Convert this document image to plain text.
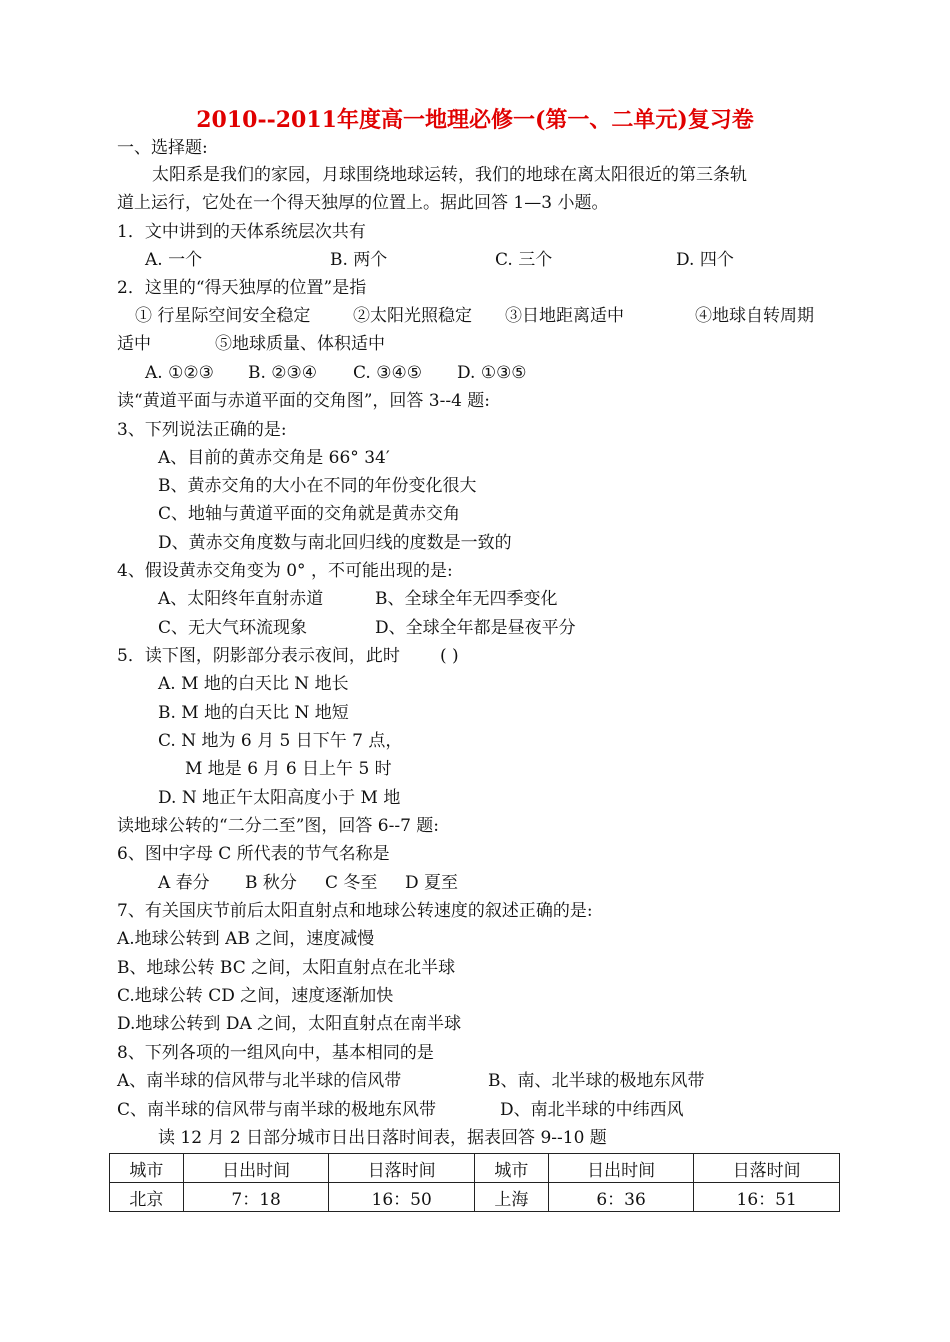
2010--2011年度高一地理必修一(第一、二单元)复习卷
一、选择题:
太阳系是我们的家园，月球围绕地球运转，我们的地球在离太阳很近的第三条轨
道上运行，它处在一个得天独厚的位置上。据此回答 1—3 小题。
1．文中讲到的天体系统层次共有
A. 一个	B. 两个	C. 三个	D. 四个
2．这里的“得天独厚的位置”是指
① 行星际空间安全稳定	②太阳光照稳定 ③日地距离适中	④地球自转周期
适中	⑤地球质量、体积适中
A. ①②③ B. ②③④ C. ③④⑤ D. ①③⑤
读“黄道平面与赤道平面的交角图”，回答 3--4 题:
3、下列说法正确的是:
A、目前的黄赤交角是 66° 34′
B、黄赤交角的大小在不同的年份变化很大
C、地轴与黄道平面的交角就是黄赤交角
D、黄赤交角度数与南北回归线的度数是一致的
4、假设黄赤交角变为 0° ，不可能出现的是:
A、太阳终年直射赤道	B、全球全年无四季变化
C、无大气环流现象	D、全球全年都是昼夜平分
5．读下图，阴影部分表示夜间，此时 ( )
A. M 地的白天比 N 地长
B. M 地的白天比 N 地短
C. N 地为 6 月 5 日下午 7 点，
M 地是 6 月 6 日上午 5 时
D. N 地正午太阳高度小于 M 地
读地球公转的“二分二至”图，回答 6--7 题:
6、图中字母 C 所代表的节气名称是
A 春分 B 秋分 C 冬至 D 夏至
7、有关国庆节前后太阳直射点和地球公转速度的叙述正确的是:
A.地球公转到 AB 之间，速度减慢
B、地球公转 BC 之间，太阳直射点在北半球
C.地球公转 CD 之间，速度逐渐加快
D.地球公转到 DA 之间，太阳直射点在南半球
8、下列各项的一组风向中，基本相同的是
A、南半球的信风带与北半球的信风带	B、南、北半球的极地东风带
C、南半球的信风带与南半球的极地东风带	D、南北半球的中纬西风
读 12 月 2 日部分城市日出日落时间表，据表回答 9--10 题
城市	日出时间	日落时间	城市	日出时间	日落时间
北京	7：18	16：50	上海	6：36	16：51
